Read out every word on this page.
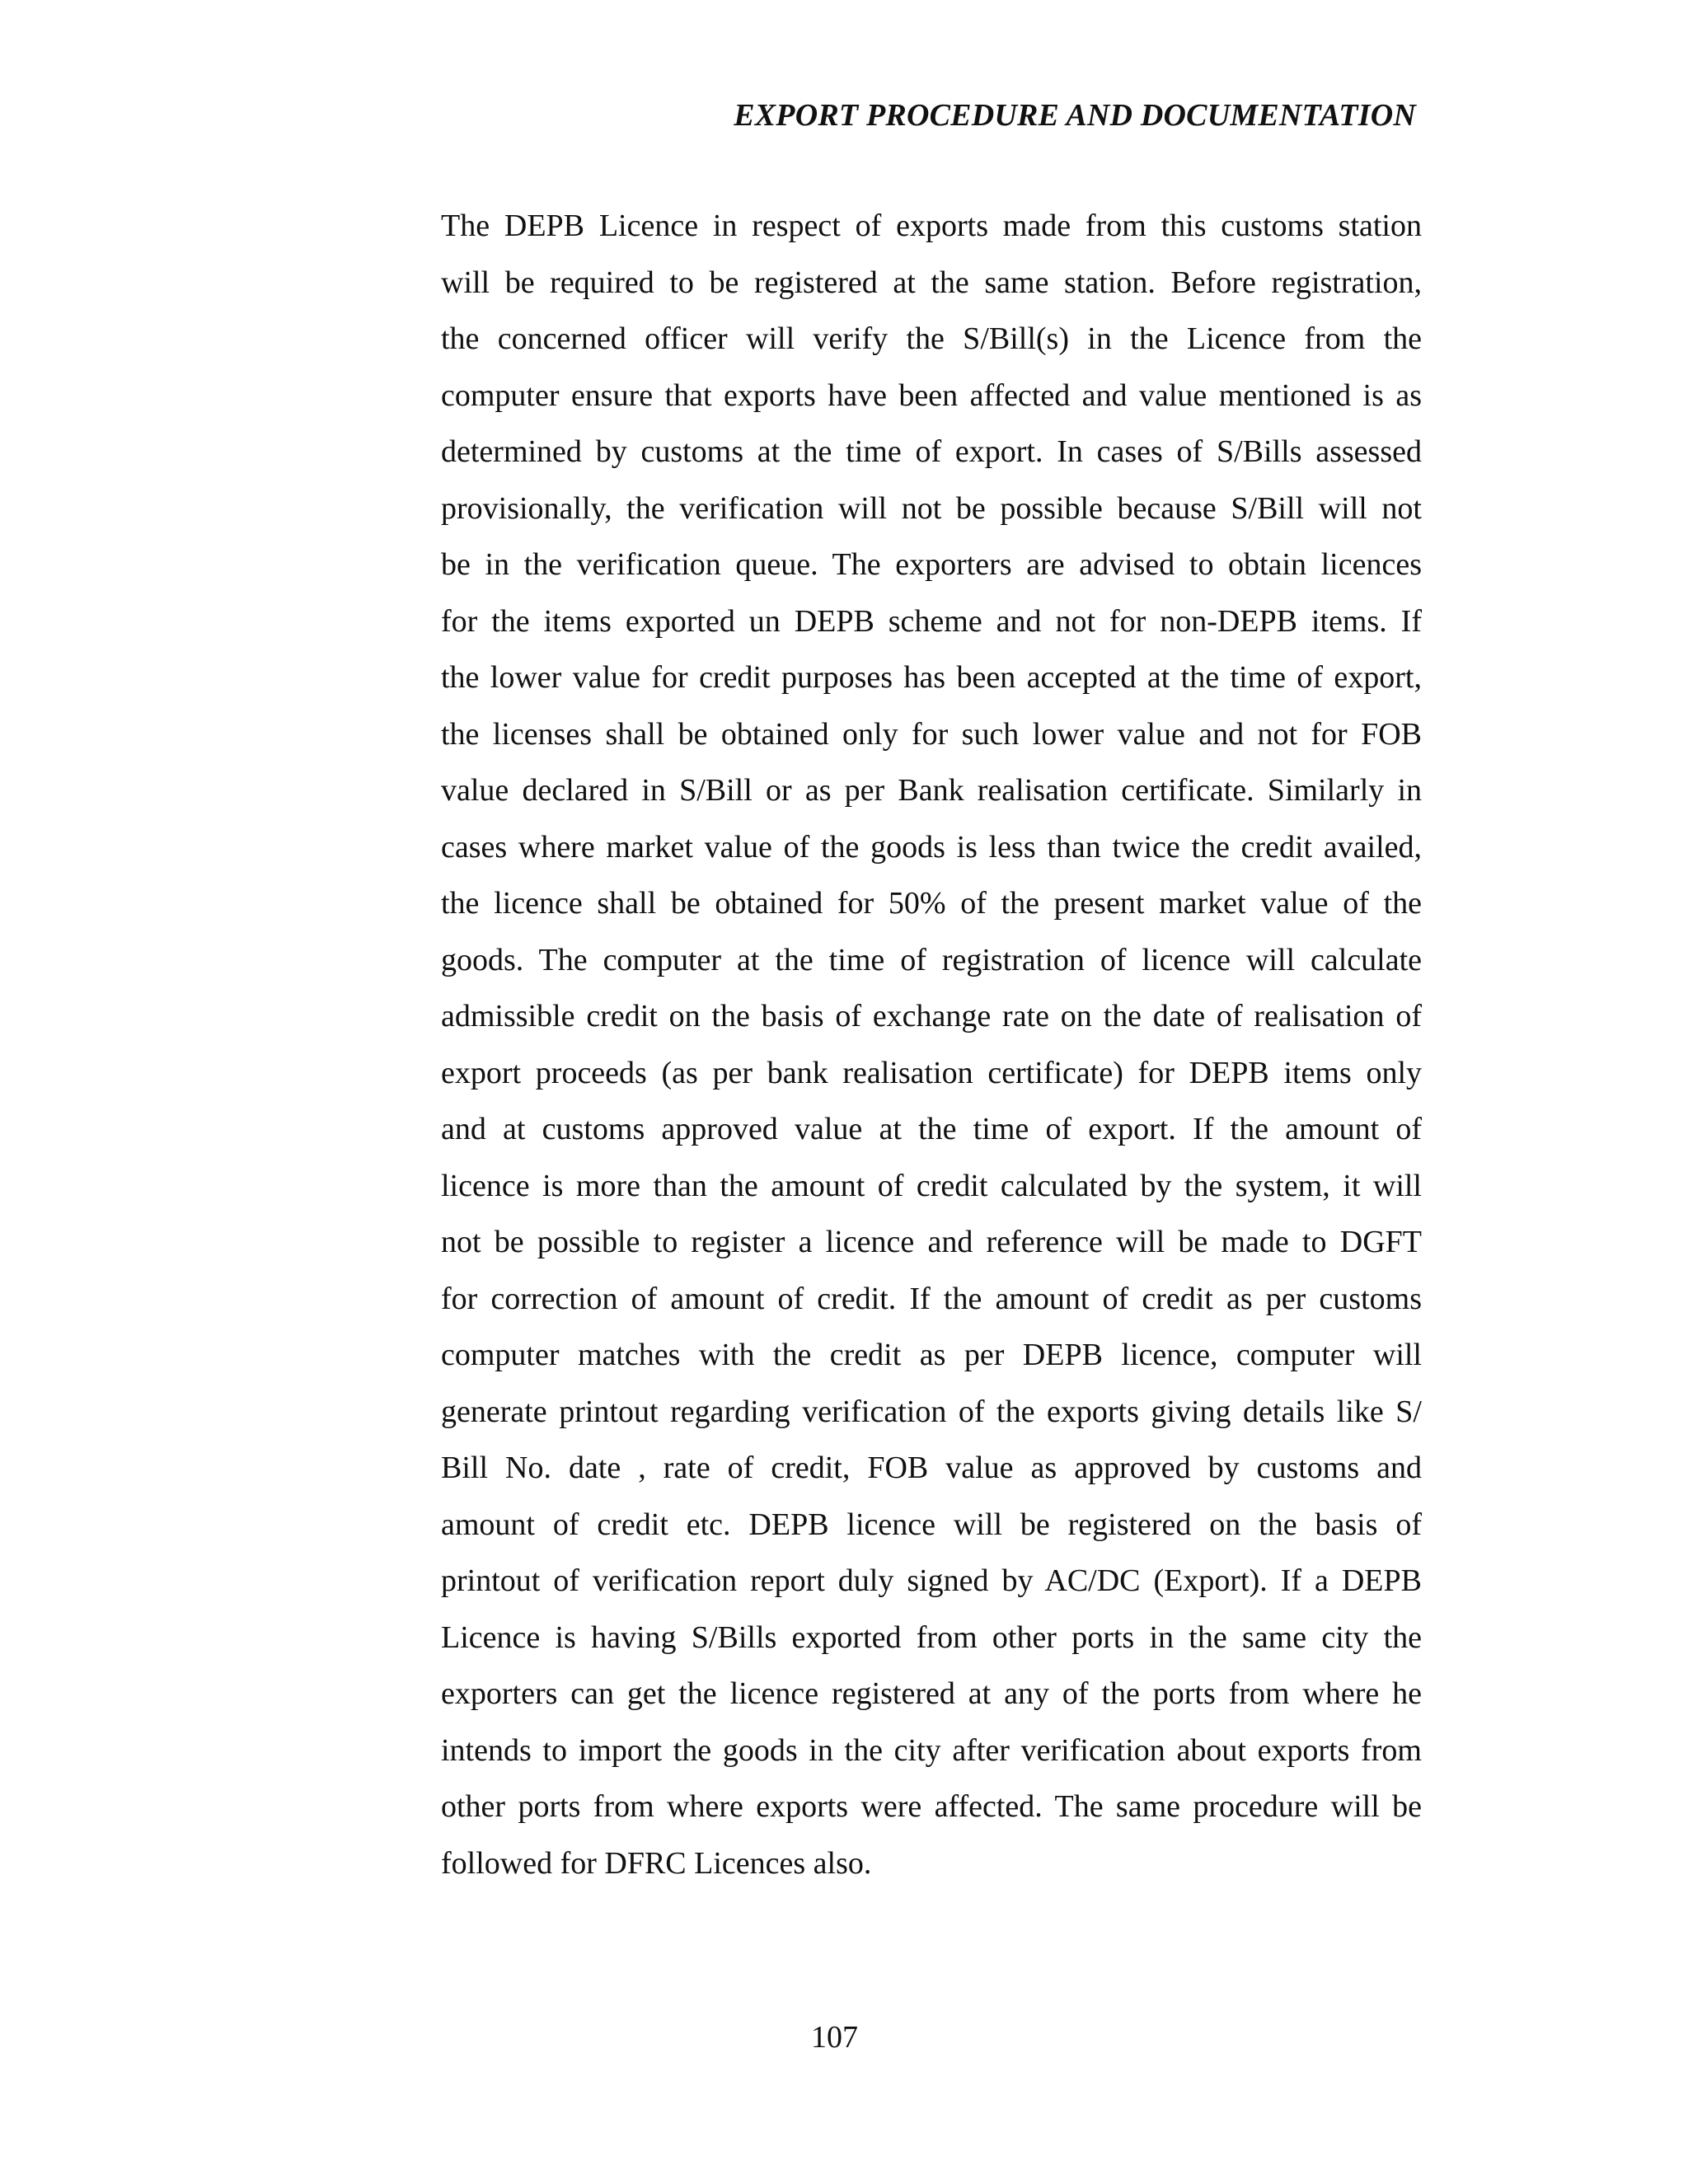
EXPORT PROCEDURE AND DOCUMENTATION
The DEPB Licence in respect of exports made from this customs station
will be required to be registered at the same station. Before registration,
the concerned officer will verify the S/Bill(s) in the Licence from the
computer ensure that exports have been affected and value mentioned is as
determined by customs at the time of export. In cases of S/Bills assessed
provisionally, the verification will not be possible because S/Bill will not
be in the verification queue. The exporters are advised to obtain licences
for the items exported un DEPB scheme and not for non-DEPB items. If
the lower value for credit purposes has been accepted at the time of export,
the licenses shall be obtained only for such lower value and not for FOB
value declared in S/Bill or as per Bank realisation certificate. Similarly in
cases where market value of the goods is less than twice the credit availed,
the licence shall be obtained for 50% of the present market value of the
goods. The computer at the time of registration of licence will calculate
admissible credit on the basis of exchange rate on the date of realisation of
export proceeds (as per bank realisation certificate) for DEPB items only
and at customs approved value at the time of export. If the amount of
licence is more than the amount of credit calculated by the system, it will
not be possible to register a licence and reference will be made to DGFT
for correction of amount of credit. If the amount of credit as per customs
computer matches with the credit as per DEPB licence, computer will
generate printout regarding verification of the exports giving details like S/
Bill No. date , rate of credit, FOB value as approved by customs and
amount of credit etc. DEPB licence will be registered on the basis of
printout of verification report duly signed by AC/DC (Export). If a DEPB
Licence is having S/Bills exported from other ports in the same city the
exporters can get the licence registered at any of the ports from where he
intends to import the goods in the city after verification about exports from
other ports from where exports were affected. The same procedure will be
followed for DFRC Licences also.
107
